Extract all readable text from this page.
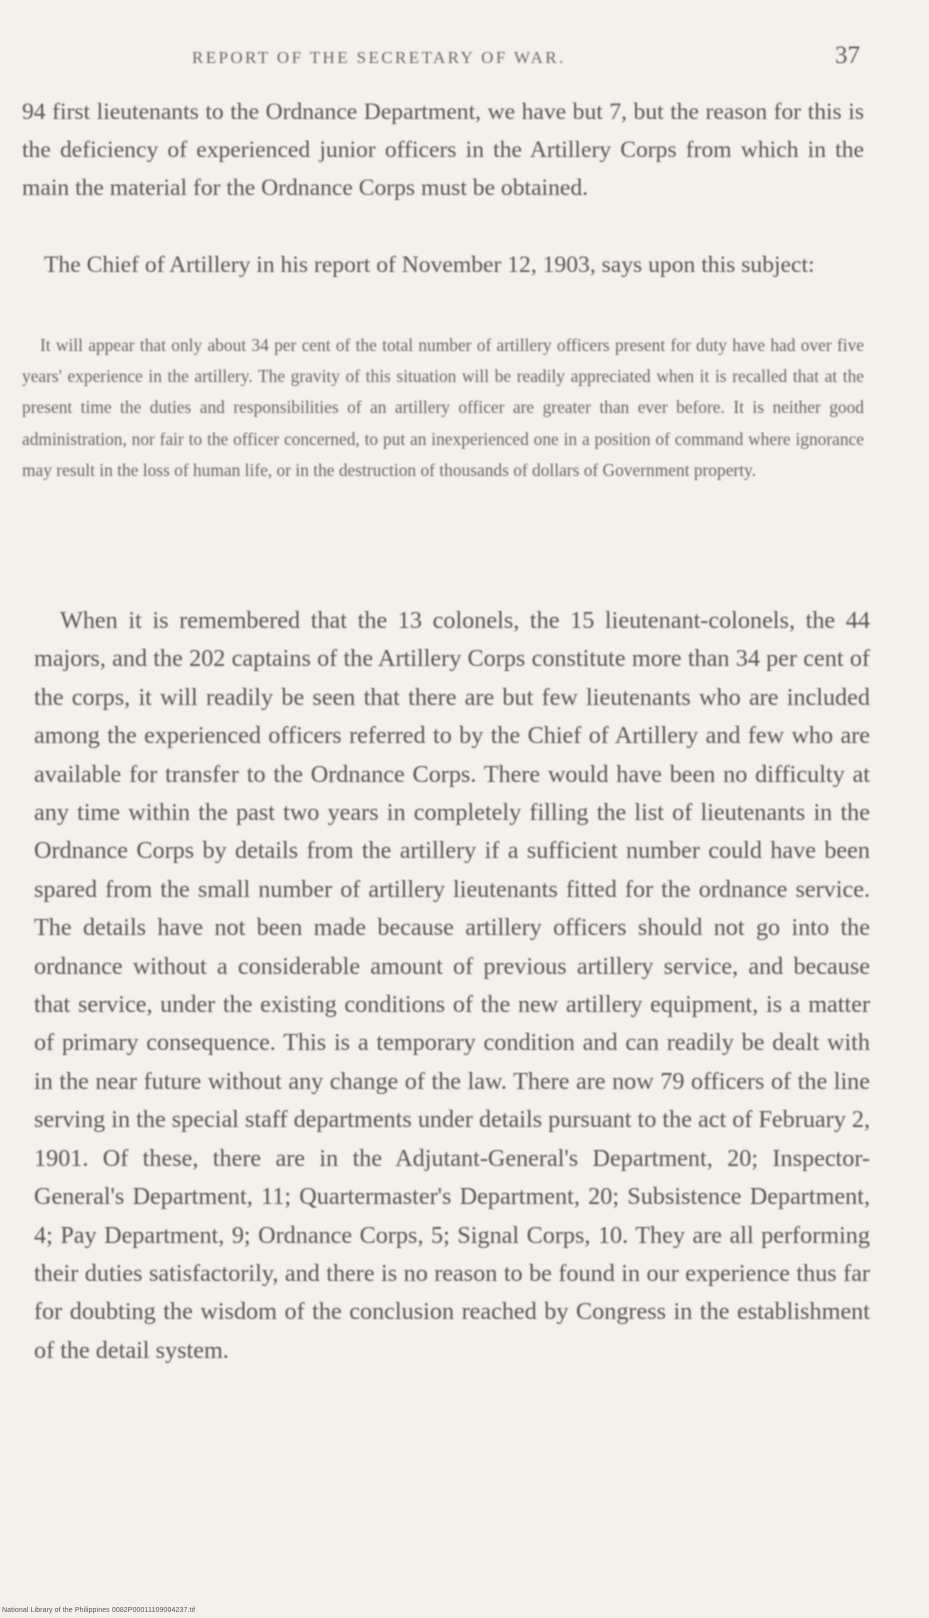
REPORT OF THE SECRETARY OF WAR.	37

94 first lieutenants to the Ordnance Department, we have but 7, but the reason for this is the deficiency of experienced junior officers in the Artillery Corps from which in the main the material for the Ordnance Corps must be obtained.

The Chief of Artillery in his report of November 12, 1903, says upon this subject:

It will appear that only about 34 per cent of the total number of artillery officers present for duty have had over five years' experience in the artillery. The gravity of this situation will be readily appreciated when it is recalled that at the present time the duties and responsibilities of an artillery officer are greater than ever before. It is neither good administration, nor fair to the officer concerned, to put an inexperienced one in a position of command where ignorance may result in the loss of human life, or in the destruction of thousands of dollars of Government property.

When it is remembered that the 13 colonels, the 15 lieutenant-colonels, the 44 majors, and the 202 captains of the Artillery Corps constitute more than 34 per cent of the corps, it will readily be seen that there are but few lieutenants who are included among the experienced officers referred to by the Chief of Artillery and few who are available for transfer to the Ordnance Corps. There would have been no difficulty at any time within the past two years in completely filling the list of lieutenants in the Ordnance Corps by details from the artillery if a sufficient number could have been spared from the small number of artillery lieutenants fitted for the ordnance service. The details have not been made because artillery officers should not go into the ordnance without a considerable amount of previous artillery service, and because that service, under the existing conditions of the new artillery equipment, is a matter of primary consequence. This is a temporary condition and can readily be dealt with in the near future without any change of the law. There are now 79 officers of the line serving in the special staff departments under details pursuant to the act of February 2, 1901. Of these, there are in the Adjutant-General's Department, 20; Inspector-General's Department, 11; Quartermaster's Department, 20; Subsistence Department, 4; Pay Department, 9; Ordnance Corps, 5; Signal Corps, 10. They are all performing their duties satisfactorily, and there is no reason to be found in our experience thus far for doubting the wisdom of the conclusion reached by Congress in the establishment of the detail system.

National Library of the Philippines 0082P00011109004237.tif
